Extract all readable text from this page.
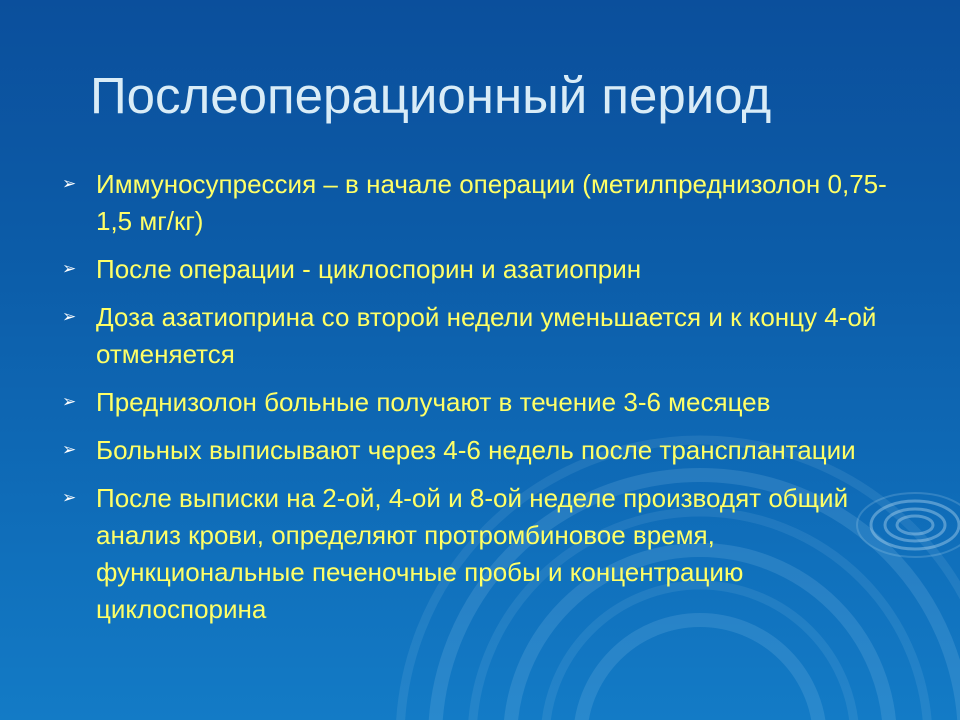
Послеоперационный период
➢ Иммуносупрессия – в начале операции (метилпреднизолон 0,75-1,5 мг/кг)
➢ После операции - циклоспорин и азатиоприн
➢ Доза азатиоприна со второй недели уменьшается и к концу 4-ой отменяется
➢ Преднизолон больные получают в течение 3-6 месяцев
➢ Больных выписывают через 4-6 недель после трансплантации
➢ После выписки на 2-ой, 4-ой и 8-ой неделе производят общий анализ крови, определяют протромбиновое время, функциональные печеночные пробы и концентрацию циклоспорина
